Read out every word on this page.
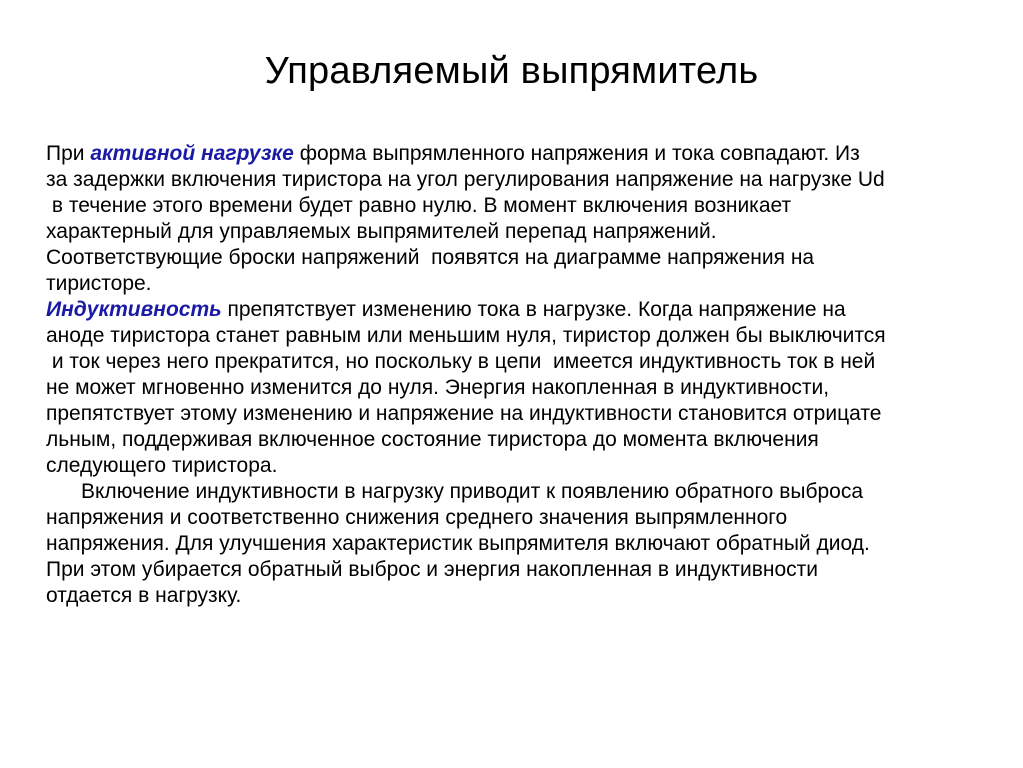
Управляемый выпрямитель
При активной нагрузке форма выпрямленного напряжения и тока совпадают. Из
за задержки включения тиристора на угол регулирования напряжение на нагрузке Ud
в течение этого времени будет равно нулю. В момент включения возникает
характерный для управляемых выпрямителей перепад напряжений.
Соответствующие броски напряжений  появятся на диаграмме напряжения на
тиристоре.
Индуктивность препятствует изменению тока в нагрузке. Когда напряжение на
аноде тиристора станет равным или меньшим нуля, тиристор должен бы выключится
и ток через него прекратится, но поскольку в цепи  имеется индуктивность ток в ней
не может мгновенно изменится до нуля. Энергия накопленная в индуктивности,
препятствует этому изменению и напряжение на индуктивности становится отрицате
льным, поддерживая включенное состояние тиристора до момента включения
следующего тиристора.
Включение индуктивности в нагрузку приводит к появлению обратного выброса
напряжения и соответственно снижения среднего значения выпрямленного
напряжения. Для улучшения характеристик выпрямителя включают обратный диод.
При этом убирается обратный выброс и энергия накопленная в индуктивности
отдается в нагрузку.
